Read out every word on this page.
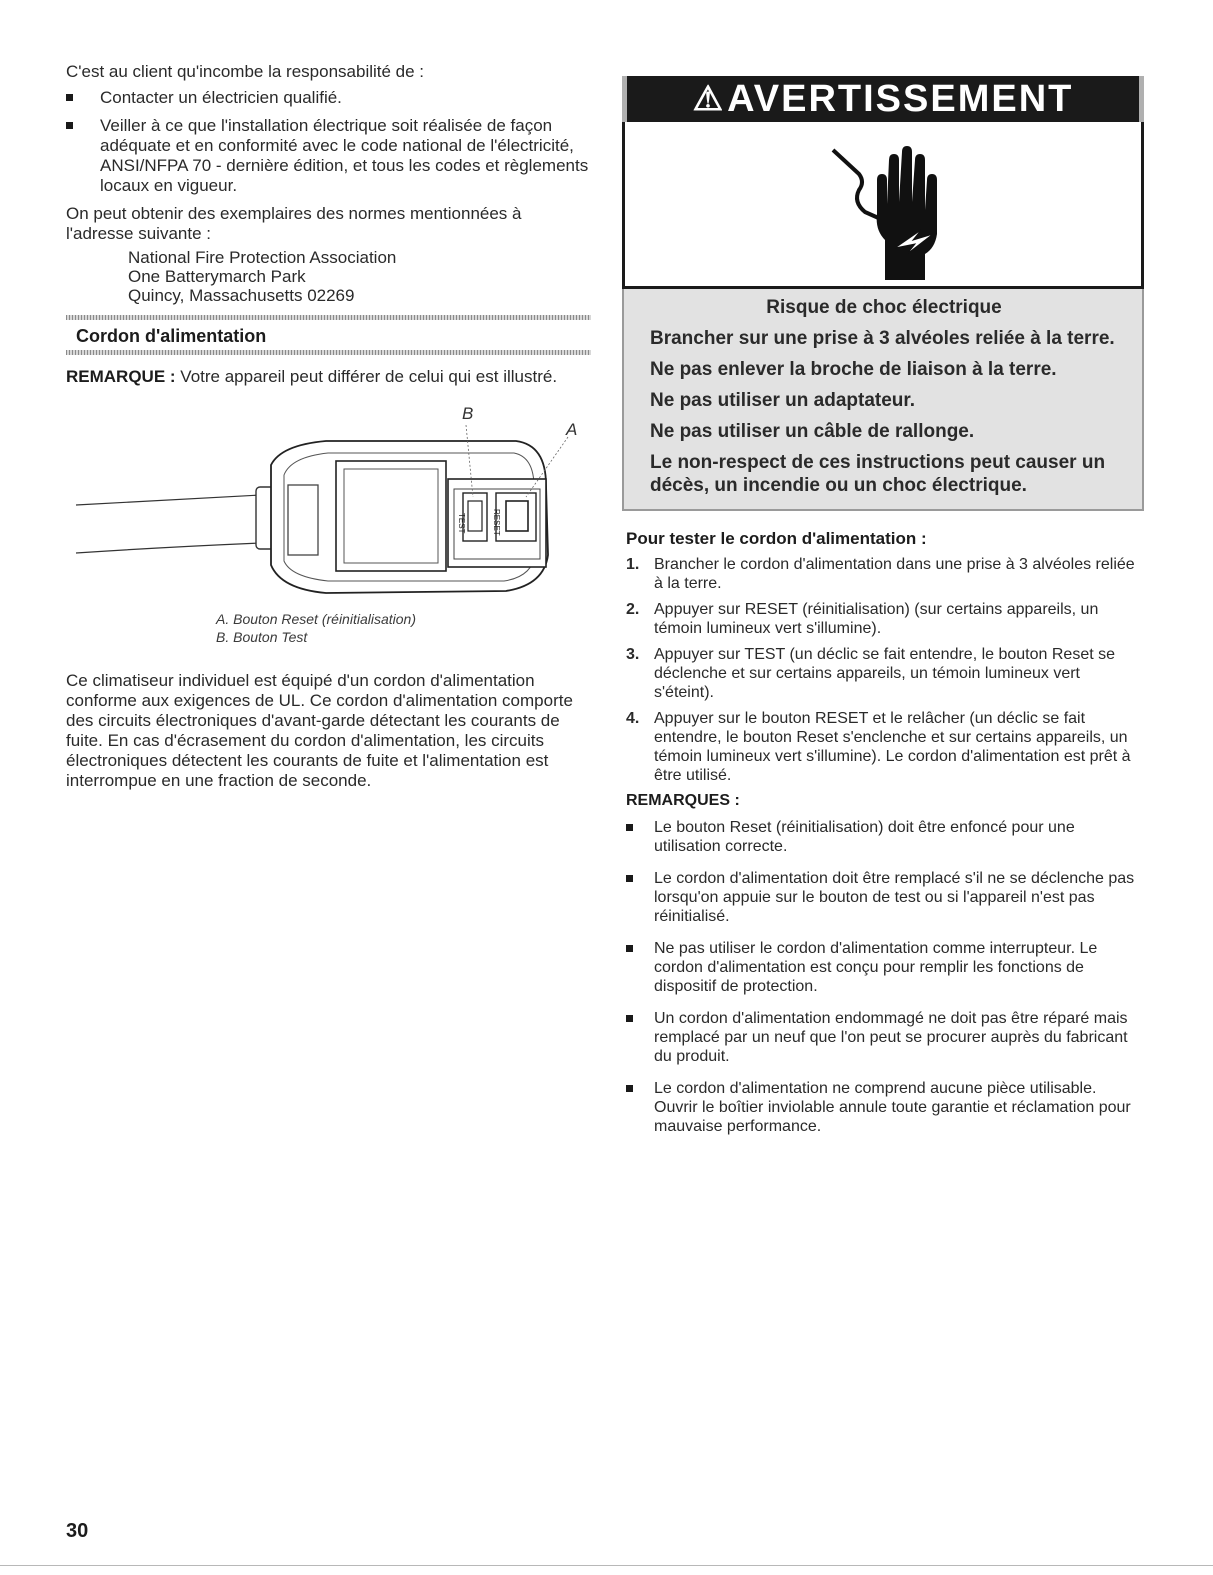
C'est au client qu'incombe la responsabilité de :

Contacter un électricien qualifié.
Veiller à ce que l'installation électrique soit réalisée de façon adéquate et en conformité avec le code national de l'électricité, ANSI/NFPA 70 - dernière édition, et tous les codes et règlements locaux en vigueur.

On peut obtenir des exemplaires des normes mentionnées à l'adresse suivante :

National Fire Protection Association
One Batterymarch Park
Quincy, Massachusetts 02269
Cordon d'alimentation

REMARQUE : Votre appareil peut différer de celui qui est illustré.

TEST	RESET
B
A
A. Bouton Reset (réinitialisation)
B. Bouton Test

Ce climatiseur individuel est équipé d'un cordon d'alimentation conforme aux exigences de UL. Ce cordon d'alimentation comporte des circuits électroniques d'avant-garde détectant les courants de fuite. En cas d'écrasement du cordon d'alimentation, les circuits électroniques détectent les courants de fuite et l'alimentation est interrompue en une fraction de seconde.

⚠ AVERTISSEMENT
Risque de choc électrique
Brancher sur une prise à 3 alvéoles reliée à la terre.
Ne pas enlever la broche de liaison à la terre.
Ne pas utiliser un adaptateur.
Ne pas utiliser un câble de rallonge.
Le non-respect de ces instructions peut causer un décès, un incendie ou un choc électrique.
Pour tester le cordon d'alimentation :
1. Brancher le cordon d'alimentation dans une prise à 3 alvéoles reliée à la terre.
2. Appuyer sur RESET (réinitialisation) (sur certains appareils, un témoin lumineux vert s'illumine).
3. Appuyer sur TEST (un déclic se fait entendre, le bouton Reset se déclenche et sur certains appareils, un témoin lumineux vert s'éteint).
4. Appuyer sur le bouton RESET et le relâcher (un déclic se fait entendre, le bouton Reset s'enclenche et sur certains appareils, un témoin lumineux vert s'illumine). Le cordon d'alimentation est prêt à être utilisé.
REMARQUES :
Le bouton Reset (réinitialisation) doit être enfoncé pour une utilisation correcte.
Le cordon d'alimentation doit être remplacé s'il ne se déclenche pas lorsqu'on appuie sur le bouton de test ou si l'appareil n'est pas réinitialisé.
Ne pas utiliser le cordon d'alimentation comme interrupteur. Le cordon d'alimentation est conçu pour remplir les fonctions de dispositif de protection.
Un cordon d'alimentation endommagé ne doit pas être réparé mais remplacé par un neuf que l'on peut se procurer auprès du fabricant du produit.
Le cordon d'alimentation ne comprend aucune pièce utilisable. Ouvrir le boîtier inviolable annule toute garantie et réclamation pour mauvaise performance.
30
